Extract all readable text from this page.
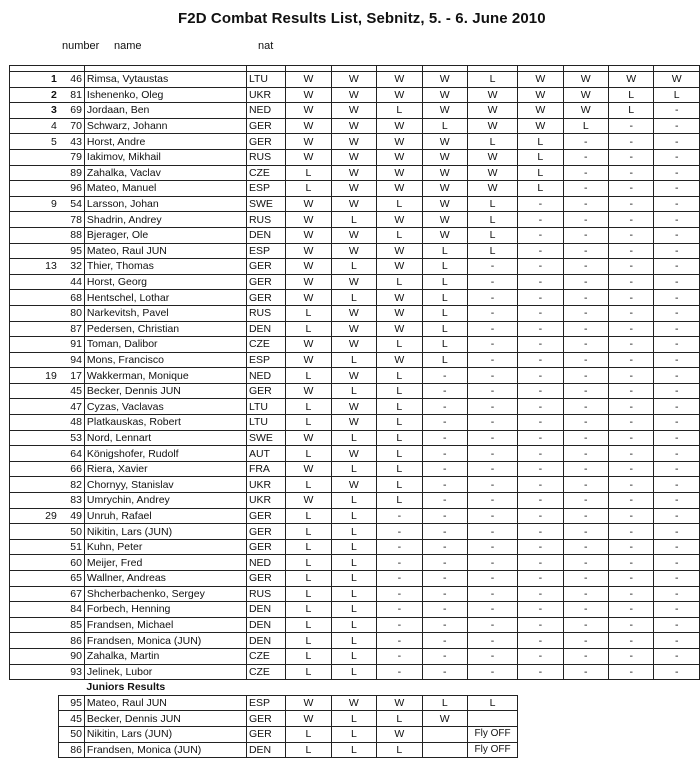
F2D Combat Results List, Sebnitz, 5. - 6. June 2010
number name	nat

1	46	Rimsa, Vytaustas	LTU	W	W	W	W	L	W	W	W	W
2	81	Ishenenko, Oleg	UKR	W	W	W	W	W	W	W	L	L
3	69	Jordaan, Ben	NED	W	W	L	W	W	W	W	L	-
4	70	Schwarz, Johann	GER	W	W	W	L	W	W	L	-	-
5	43	Horst, Andre	GER	W	W	W	W	L	L	-	-	-
	79	Iakimov, Mikhail	RUS	W	W	W	W	W	L	-	-	-
	89	Zahalka, Vaclav	CZE	L	W	W	W	W	L	-	-	-
	96	Mateo, Manuel	ESP	L	W	W	W	W	L	-	-	-
9	54	Larsson, Johan	SWE	W	W	L	W	L	-	-	-	-
	78	Shadrin, Andrey	RUS	W	L	W	W	L	-	-	-	-
	88	Bjerager, Ole	DEN	W	W	L	W	L	-	-	-	-
	95	Mateo, Raul JUN	ESP	W	W	W	L	L	-	-	-	-
13	32	Thier, Thomas	GER	W	L	W	L	-	-	-	-	-
	44	Horst, Georg	GER	W	W	L	L	-	-	-	-	-
	68	Hentschel, Lothar	GER	W	L	W	L	-	-	-	-	-
	80	Narkevitsh, Pavel	RUS	L	W	W	L	-	-	-	-	-
	87	Pedersen, Christian	DEN	L	W	W	L	-	-	-	-	-
	91	Toman, Dalibor	CZE	W	W	L	L	-	-	-	-	-
	94	Mons, Francisco	ESP	W	L	W	L	-	-	-	-	-
19	17	Wakkerman, Monique	NED	L	W	L	-	-	-	-	-	-
	45	Becker, Dennis JUN	GER	W	L	L	-	-	-	-	-	-
	47	Cyzas, Vaclavas	LTU	L	W	L	-	-	-	-	-	-
	48	Platkauskas, Robert	LTU	L	W	L	-	-	-	-	-	-
	53	Nord, Lennart	SWE	W	L	L	-	-	-	-	-	-
	64	Königshofer, Rudolf	AUT	L	W	L	-	-	-	-	-	-
	66	Riera, Xavier	FRA	W	L	L	-	-	-	-	-	-
	82	Chornyy, Stanislav	UKR	L	W	L	-	-	-	-	-	-
	83	Umrychin, Andrey	UKR	W	L	L	-	-	-	-	-	-
29	49	Unruh, Rafael	GER	L	L	-	-	-	-	-	-	-
	50	Nikitin, Lars (JUN)	GER	L	L	-	-	-	-	-	-	-
	51	Kuhn, Peter	GER	L	L	-	-	-	-	-	-	-
	60	Meijer, Fred	NED	L	L	-	-	-	-	-	-	-
	65	Wallner, Andreas	GER	L	L	-	-	-	-	-	-	-
	67	Shcherbachenko, Sergey	RUS	L	L	-	-	-	-	-	-	-
	84	Forbech, Henning	DEN	L	L	-	-	-	-	-	-	-
	85	Frandsen, Michael	DEN	L	L	-	-	-	-	-	-	-
	86	Frandsen, Monica (JUN)	DEN	L	L	-	-	-	-	-	-	-
	90	Zahalka, Martin	CZE	L	L	-	-	-	-	-	-	-
	93	Jelinek, Lubor	CZE	L	L	-	-	-	-	-	-	-
		Juniors Results										
	95	Mateo, Raul JUN	ESP	W	W	W	L	L				
	45	Becker, Dennis JUN	GER	W	L	L	W					
	50	Nikitin, Lars (JUN)	GER	L	L	W		Fly OFF				
	86	Frandsen, Monica (JUN)	DEN	L	L	L		Fly OFF				
